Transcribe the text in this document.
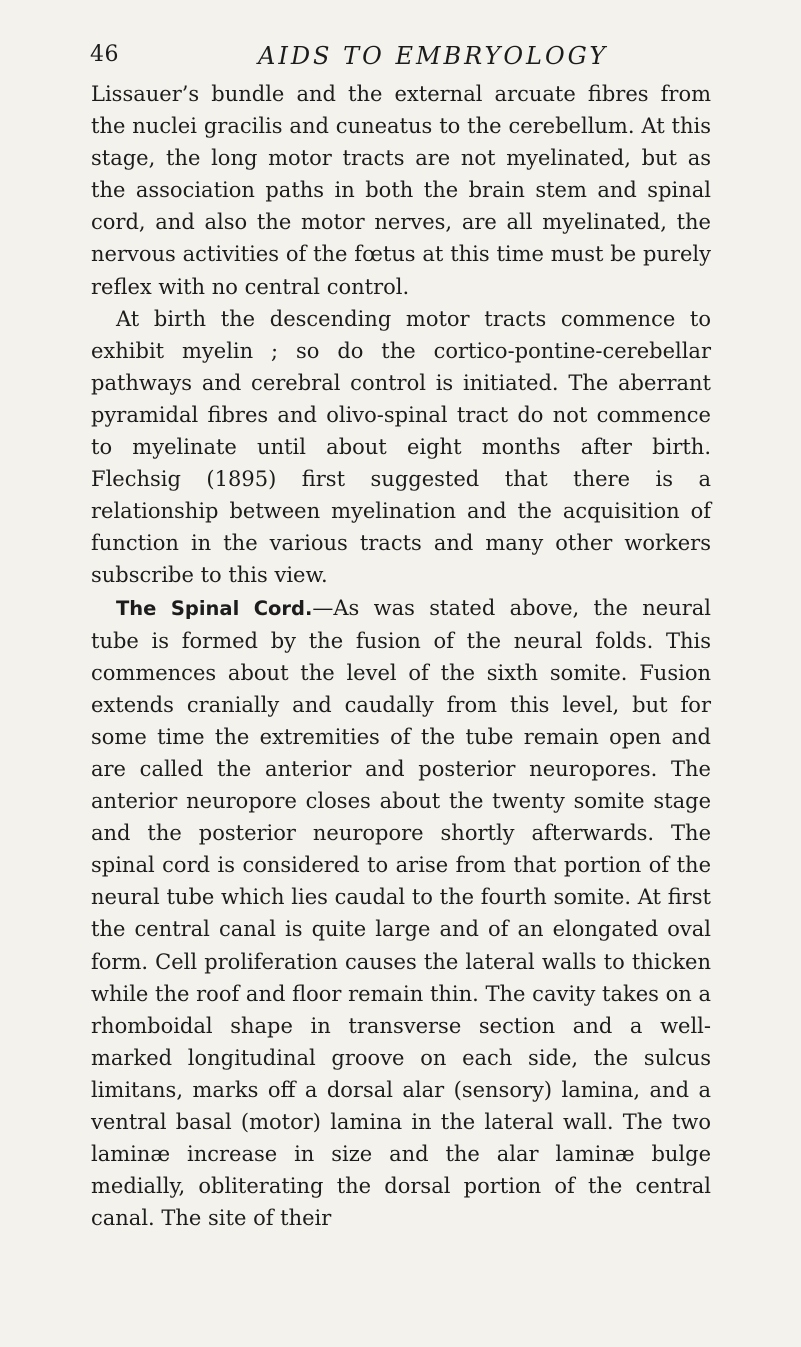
46	AIDS TO EMBRYOLOGY

Lissauer’s bundle and the external arcuate fibres from the nuclei gracilis and cuneatus to the cerebellum. At this stage, the long motor tracts are not myelinated, but as the association paths in both the brain stem and spinal cord, and also the motor nerves, are all myelinated, the nervous activities of the fœtus at this time must be purely reflex with no central control.

At birth the descending motor tracts commence to exhibit myelin ; so do the cortico-pontine-cerebellar pathways and cerebral control is initiated. The aberrant pyramidal fibres and olivo-spinal tract do not commence to myelinate until about eight months after birth. Flechsig (1895) first suggested that there is a relationship between myelination and the acquisition of function in the various tracts and many other workers subscribe to this view.

The Spinal Cord.—As was stated above, the neural tube is formed by the fusion of the neural folds. This commences about the level of the sixth somite. Fusion extends cranially and caudally from this level, but for some time the extremities of the tube remain open and are called the anterior and posterior neuropores. The anterior neuropore closes about the twenty somite stage and the posterior neuropore shortly afterwards. The spinal cord is considered to arise from that portion of the neural tube which lies caudal to the fourth somite. At first the central canal is quite large and of an elongated oval form. Cell proliferation causes the lateral walls to thicken while the roof and floor remain thin. The cavity takes on a rhomboidal shape in transverse section and a well-marked longitudinal groove on each side, the sulcus limitans, marks off a dorsal alar (sensory) lamina, and a ventral basal (motor) lamina in the lateral wall. The two laminæ increase in size and the alar laminæ bulge medially, obliterating the dorsal portion of the central canal. The site of their
